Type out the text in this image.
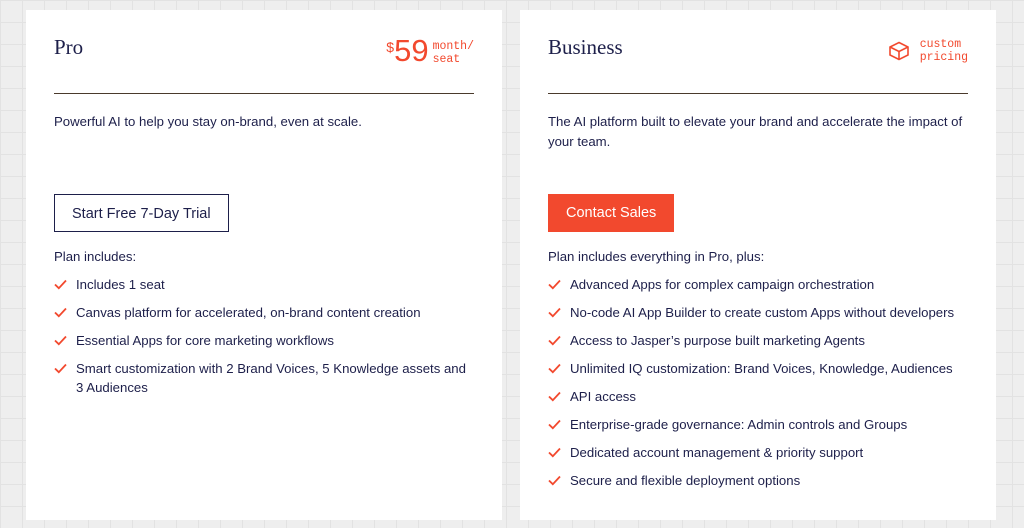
Pro	$ 59 month/
seat
Powerful AI to help you stay on-brand, even at scale.
Start Free 7-Day Trial
Plan includes:
Includes 1 seat
Canvas platform for accelerated, on-brand content creation
Essential Apps for core marketing workflows
Smart customization with 2 Brand Voices, 5 Knowledge assets and 3 Audiences
Business	custom
pricing
The AI platform built to elevate your brand and accelerate the impact of your team.
Contact Sales
Plan includes everything in Pro, plus:
Advanced Apps for complex campaign orchestration
No-code AI App Builder to create custom Apps without developers
Access to Jasper’s purpose built marketing Agents
Unlimited IQ customization: Brand Voices, Knowledge, Audiences
API access
Enterprise-grade governance: Admin controls and Groups
Dedicated account management & priority support
Secure and flexible deployment options
